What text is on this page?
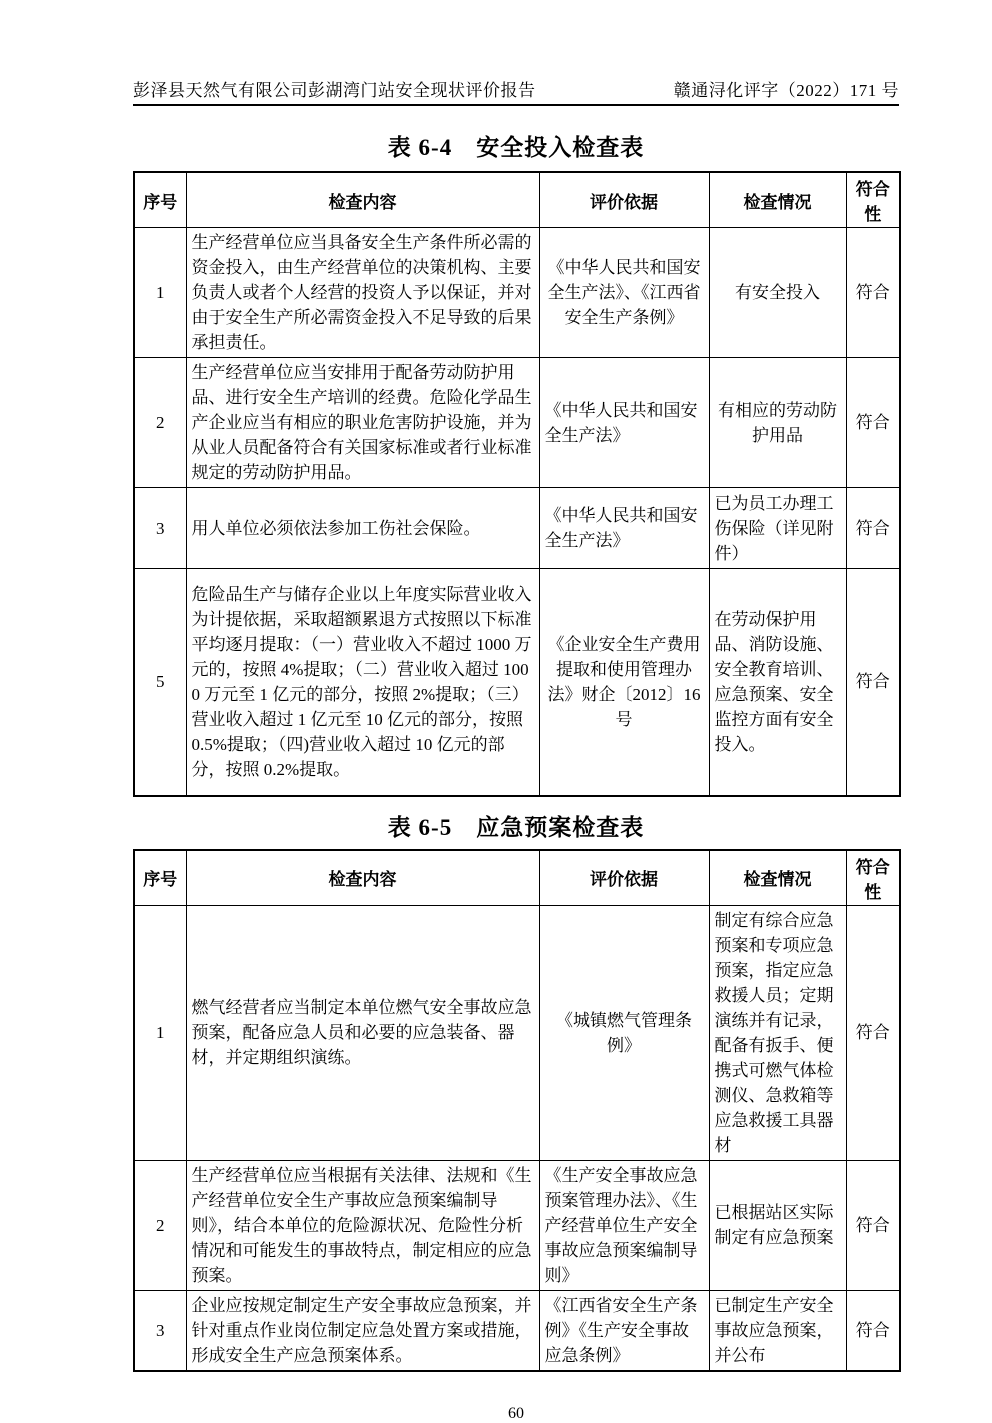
彭泽县天然气有限公司彭湖湾门站安全现状评价报告	赣通浔化评字（2022）171 号
表 6-4　安全投入检查表
序号	检查内容	评价依据	检查情况	符合性
1	生产经营单位应当具备安全生产条件所必需的资金投入，由生产经营单位的决策机构、主要负责人或者个人经营的投资人予以保证，并对由于安全生产所必需资金投入不足导致的后果承担责任。	《中华人民共和国安全生产法》、《江西省安全生产条例》	有安全投入	符合
2	生产经营单位应当安排用于配备劳动防护用品、进行安全生产培训的经费。危险化学品生产企业应当有相应的职业危害防护设施，并为从业人员配备符合有关国家标准或者行业标准规定的劳动防护用品。	《中华人民共和国安全生产法》	有相应的劳动防护用品	符合
3	用人单位必须依法参加工伤社会保险。	《中华人民共和国安全生产法》	已为员工办理工伤保险（详见附件）	符合
5	危险品生产与储存企业以上年度实际营业收入为计提依据，采取超额累退方式按照以下标准平均逐月提取：（一）营业收入不超过 1000 万元的，按照 4%提取；（二）营业收入超过 1000 万元至 1 亿元的部分，按照 2%提取；（三）营业收入超过 1 亿元至 10 亿元的部分，按照 0.5%提取；（四)营业收入超过 10 亿元的部分，按照 0.2%提取。	《企业安全生产费用提取和使用管理办法》财企〔2012〕16 号	在劳动保护用品、消防设施、安全教育培训、应急预案、安全监控方面有安全投入。	符合
表 6-5　应急预案检查表
序号	检查内容	评价依据	检查情况	符合性
1	燃气经营者应当制定本单位燃气安全事故应急预案，配备应急人员和必要的应急装备、器材，并定期组织演练。	《城镇燃气管理条例》	制定有综合应急预案和专项应急预案，指定应急救援人员；定期演练并有记录，配备有扳手、便携式可燃气体检测仪、急救箱等应急救援工具器材	符合
2	生产经营单位应当根据有关法律、法规和《生产经营单位安全生产事故应急预案编制导则》，结合本单位的危险源状况、危险性分析情况和可能发生的事故特点，制定相应的应急预案。	《生产安全事故应急预案管理办法》、《生产经营单位生产安全事故应急预案编制导则》	已根据站区实际制定有应急预案	符合
3	企业应按规定制定生产安全事故应急预案，并针对重点作业岗位制定应急处置方案或措施，形成安全生产应急预案体系。	《江西省安全生产条例》《生产安全事故应急条例》	已制定生产安全事故应急预案，并公布	符合
60
